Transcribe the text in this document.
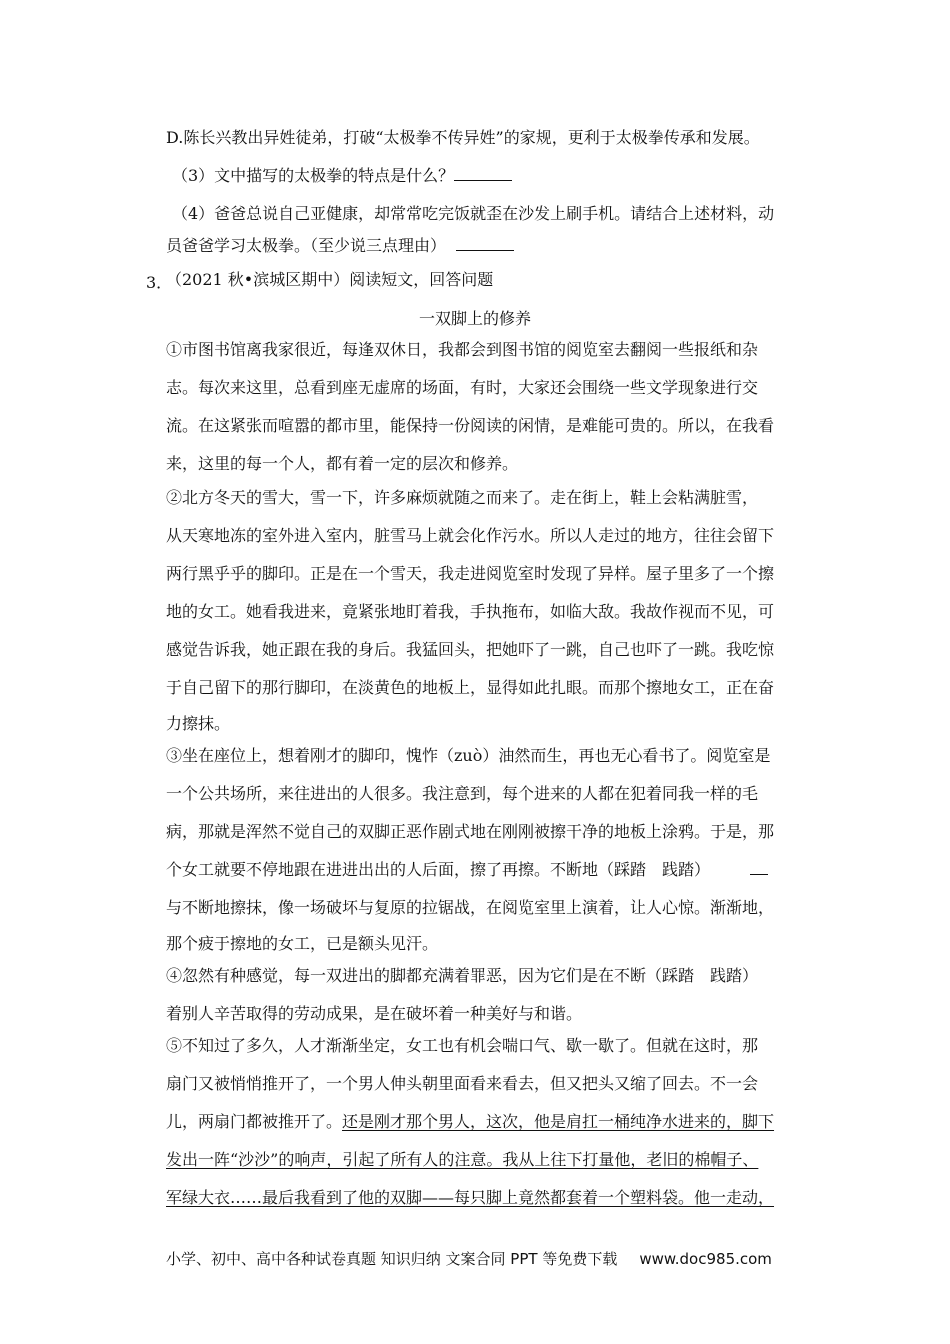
D.陈长兴教出异姓徒弟，打破“太极拳不传异姓”的家规，更利于太极拳传承和发展。
（3）文中描写的太极拳的特点是什么？
（4）爸爸总说自己亚健康，却常常吃完饭就歪在沙发上刷手机。请结合上述材料，动
员爸爸学习太极拳。（至少说三点理由）
3．
（2021 秋•滨城区期中）阅读短文，回答问题
一双脚上的修养
①市图书馆离我家很近，每逢双休日，我都会到图书馆的阅览室去翻阅一些报纸和杂
志。每次来这里，总看到座无虚席的场面，有时，大家还会围绕一些文学现象进行交
流。在这紧张而喧嚣的都市里，能保持一份阅读的闲情，是难能可贵的。所以，在我看
来，这里的每一个人，都有着一定的层次和修养。
②北方冬天的雪大，雪一下，许多麻烦就随之而来了。走在街上，鞋上会粘满脏雪，
从天寒地冻的室外进入室内，脏雪马上就会化作污水。所以人走过的地方，往往会留下
两行黑乎乎的脚印。正是在一个雪天，我走进阅览室时发现了异样。屋子里多了一个擦
地的女工。她看我进来，竟紧张地盯着我，手执拖布，如临大敌。我故作视而不见，可
感觉告诉我，她正跟在我的身后。我猛回头，把她吓了一跳，自己也吓了一跳。我吃惊
于自己留下的那行脚印，在淡黄色的地板上，显得如此扎眼。而那个擦地女工，正在奋
力擦抹。
③坐在座位上，想着刚才的脚印，愧怍（zuò）油然而生，再也无心看书了。阅览室是
一个公共场所，来往进出的人很多。我注意到，每个进来的人都在犯着同我一样的毛
病，那就是浑然不觉自己的双脚正恶作剧式地在刚刚被擦干净的地板上涂鸦。于是，那
个女工就要不停地跟在进进出出的人后面，擦了再擦。不断地（踩踏　践踏）
与不断地擦抹，像一场破坏与复原的拉锯战，在阅览室里上演着，让人心惊。渐渐地，
那个疲于擦地的女工，已是额头见汗。
④忽然有种感觉，每一双进出的脚都充满着罪恶，因为它们是在不断（踩踏　践踏）
着别人辛苦取得的劳动成果，是在破坏着一种美好与和谐。
⑤不知过了多久，人才渐渐坐定，女工也有机会喘口气、歇一歇了。但就在这时，那
扇门又被悄悄推开了，一个男人伸头朝里面看来看去，但又把头又缩了回去。不一会
儿，两扇门都被推开了。还是刚才那个男人，这次，他是肩扛一桶纯净水进来的，脚下
发出一阵“沙沙”的响声，引起了所有人的注意。我从上往下打量他，老旧的棉帽子、
军绿大衣……最后我看到了他的双脚——每只脚上竟然都套着一个塑料袋。他一走动，
小学、初中、高中各种试卷真题 知识归纳 文案合同 PPT 等免费下载 www.doc985.com
